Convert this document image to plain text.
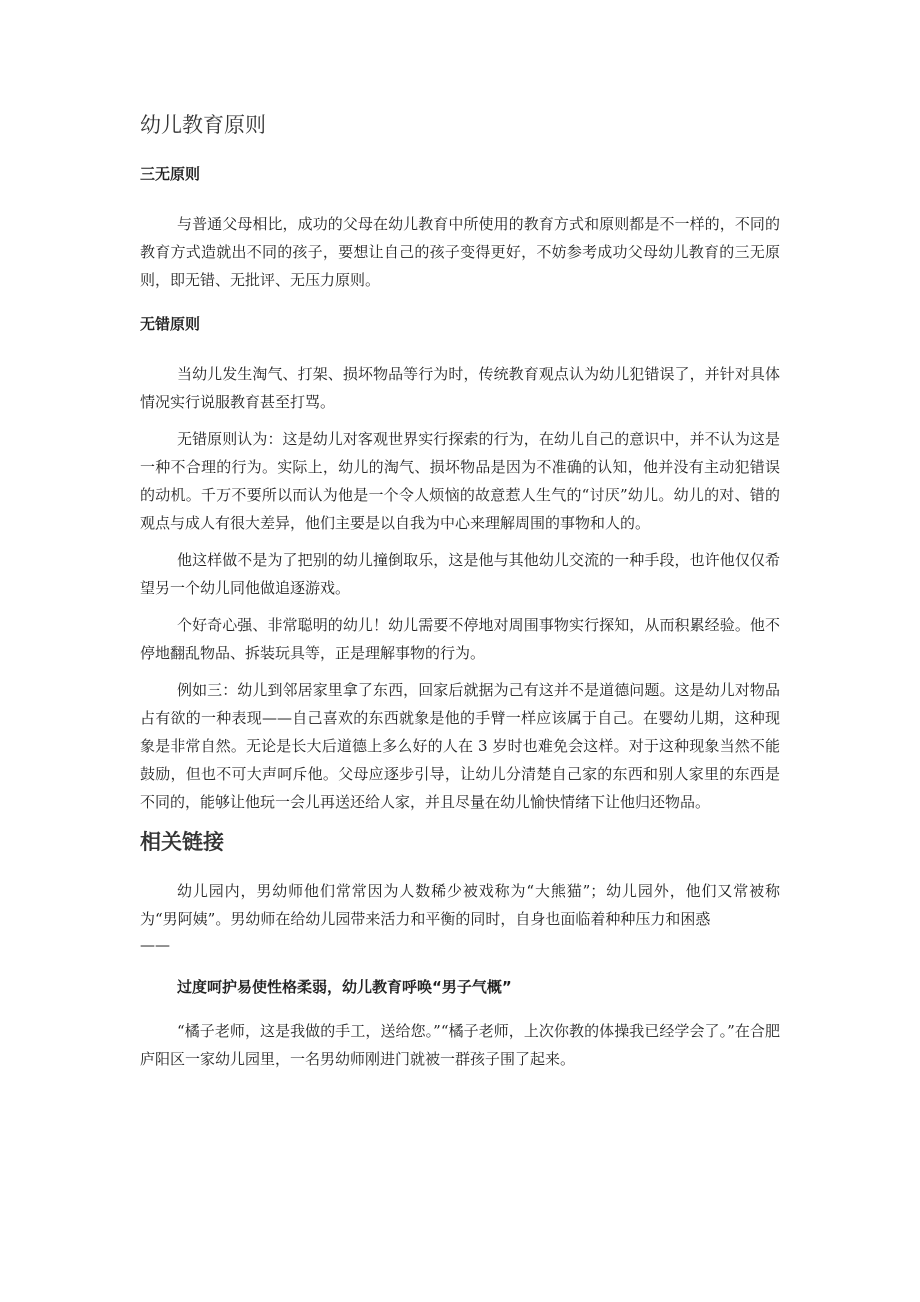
幼儿教育原则
三无原则

与普通父母相比，成功的父母在幼儿教育中所使用的教育方式和原则都是不一样的，不同的教育方式造就出不同的孩子，要想让自己的孩子变得更好，不妨参考成功父母幼儿教育的三无原则，即无错、无批评、无压力原则。

无错原则

当幼儿发生淘气、打架、损坏物品等行为时，传统教育观点认为幼儿犯错误了，并针对具体情况实行说服教育甚至打骂。

无错原则认为：这是幼儿对客观世界实行探索的行为，在幼儿自己的意识中，并不认为这是一种不合理的行为。实际上，幼儿的淘气、损坏物品是因为不准确的认知，他并没有主动犯错误的动机。千万不要所以而认为他是一个令人烦恼的故意惹人生气的“讨厌”幼儿。幼儿的对、错的观点与成人有很大差异，他们主要是以自我为中心来理解周围的事物和人的。

他这样做不是为了把别的幼儿撞倒取乐，这是他与其他幼儿交流的一种手段，也许他仅仅希望另一个幼儿同他做追逐游戏。

个好奇心强、非常聪明的幼儿！幼儿需要不停地对周围事物实行探知，从而积累经验。他不停地翻乱物品、拆装玩具等，正是理解事物的行为。

例如三：幼儿到邻居家里拿了东西，回家后就据为己有这并不是道德问题。这是幼儿对物品占有欲的一种表现——自己喜欢的东西就象是他的手臂一样应该属于自己。在婴幼儿期，这种现象是非常自然。无论是长大后道德上多么好的人在 3 岁时也难免会这样。对于这种现象当然不能鼓励，但也不可大声呵斥他。父母应逐步引导，让幼儿分清楚自己家的东西和别人家里的东西是不同的，能够让他玩一会儿再送还给人家，并且尽量在幼儿愉快情绪下让他归还物品。

相关链接

幼儿园内，男幼师他们常常因为人数稀少被戏称为“大熊猫”；幼儿园外，他们又常被称为“男阿姨”。男幼师在给幼儿园带来活力和平衡的同时，自身也面临着种种压力和困惑

——

过度呵护易使性格柔弱，幼儿教育呼唤“男子气概”

“橘子老师，这是我做的手工，送给您。”“橘子老师，上次你教的体操我已经学会了。”在合肥庐阳区一家幼儿园里，一名男幼师刚进门就被一群孩子围了起来。
